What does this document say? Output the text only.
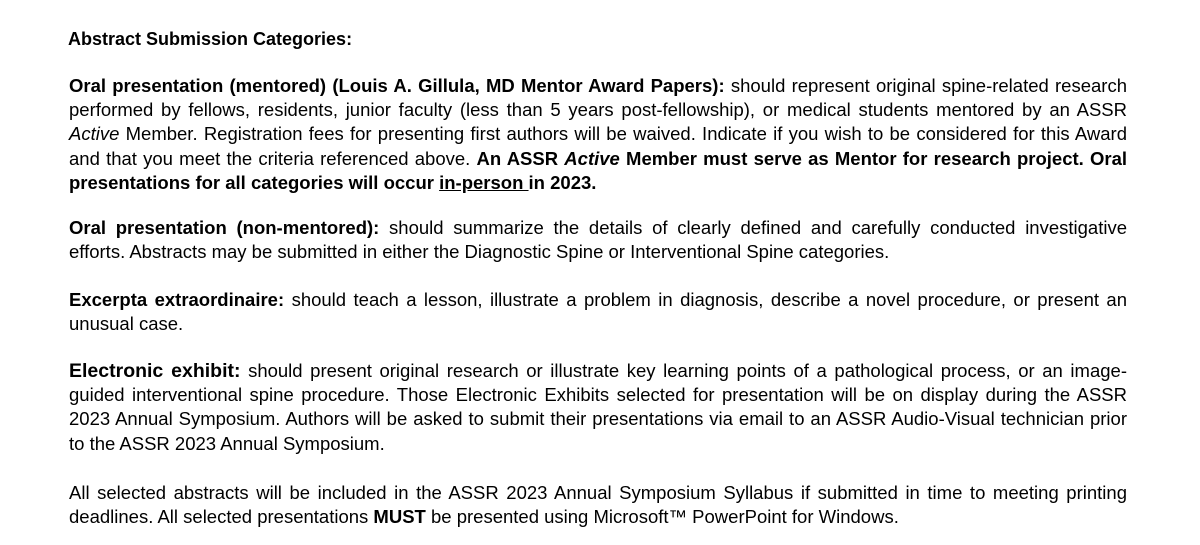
Abstract Submission Categories:

Oral presentation (mentored) (Louis A. Gillula, MD Mentor Award Papers): should represent original spine-related research performed by fellows, residents, junior faculty (less than 5 years post-fellowship), or medical students mentored by an ASSR Active Member. Registration fees for presenting first authors will be waived. Indicate if you wish to be considered for this Award and that you meet the criteria referenced above. An ASSR Active Member must serve as Mentor for research project. Oral presentations for all categories will occur in-person in 2023.

Oral presentation (non-mentored): should summarize the details of clearly defined and carefully conducted investigative efforts. Abstracts may be submitted in either the Diagnostic Spine or Interventional Spine categories.

Excerpta extraordinaire: should teach a lesson, illustrate a problem in diagnosis, describe a novel procedure, or present an unusual case.

Electronic exhibit: should present original research or illustrate key learning points of a pathological process, or an image-guided interventional spine procedure. Those Electronic Exhibits selected for presentation will be on display during the ASSR 2023 Annual Symposium. Authors will be asked to submit their presentations via email to an ASSR Audio-Visual technician prior to the ASSR 2023 Annual Symposium.

All selected abstracts will be included in the ASSR 2023 Annual Symposium Syllabus if submitted in time to meeting printing deadlines. All selected presentations MUST be presented using Microsoft™ PowerPoint for Windows.
